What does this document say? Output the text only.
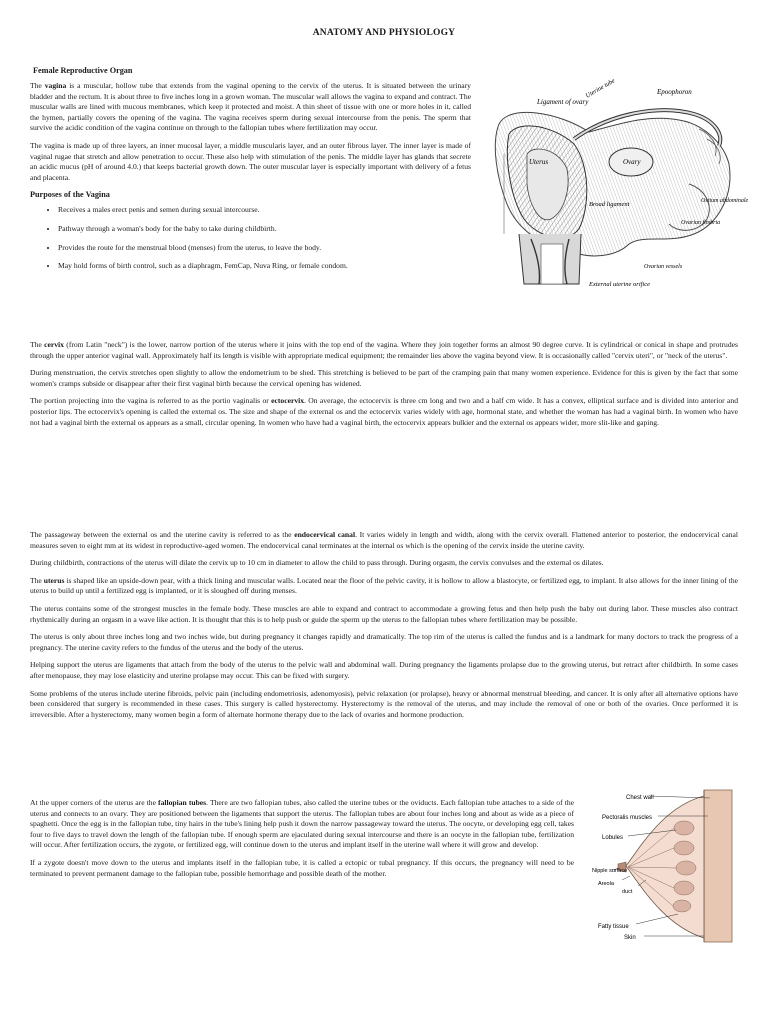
ANATOMY AND PHYSIOLOGY
Female Reproductive Organ

The vagina is a muscular, hollow tube that extends from the vaginal opening to the cervix of the uterus. It is situated between the urinary bladder and the rectum. It is about three to five inches long in a grown woman. The muscular wall allows the vagina to expand and contract. The muscular walls are lined with mucous membranes, which keep it protected and moist. A thin sheet of tissue with one or more holes in it, called the hymen, partially covers the opening of the vagina. The vagina receives sperm during sexual intercourse from the penis. The sperm that survive the acidic condition of the vagina continue on through to the fallopian tubes where fertilization may occur.

The vagina is made up of three layers, an inner mucosal layer, a middle muscularis layer, and an outer fibrous layer. The inner layer is made of vaginal rugae that stretch and allow penetration to occur. These also help with stimulation of the penis. The middle layer has glands that secrete an acidic mucus (pH of around 4.0.) that keeps bacterial growth down. The outer muscular layer is especially important with delivery of a fetus and placenta.

Purposes of the Vagina
• Receives a males erect penis and semen during sexual intercourse.
• Pathway through a woman's body for the baby to take during childbirth.
• Provides the route for the menstrual blood (menses) from the uterus, to leave the body.
• May hold forms of birth control, such as a diaphragm, FemCap, Nuva Ring, or female condom.
Ligament of ovary
Uterine tube	Epoophoron
Uterus	Ovary
Ostium abdominale
Broad ligament
Ovarian fimbria
Ovarian vessels
External uterine orifice

The cervix (from Latin "neck") is the lower, narrow portion of the uterus where it joins with the top end of the vagina. Where they join together forms an almost 90 degree curve. It is cylindrical or conical in shape and protrudes through the upper anterior vaginal wall. Approximately half its length is visible with appropriate medical equipment; the remainder lies above the vagina beyond view. It is occasionally called "cervix uteri", or "neck of the uterus".

During menstruation, the cervix stretches open slightly to allow the endometrium to be shed. This stretching is believed to be part of the cramping pain that many women experience. Evidence for this is given by the fact that some women's cramps subside or disappear after their first vaginal birth because the cervical opening has widened.

The portion projecting into the vagina is referred to as the portio vaginalis or ectocervix. On average, the ectocervix is three cm long and two and a half cm wide. It has a convex, elliptical surface and is divided into anterior and posterior lips. The ectocervix's opening is called the external os. The size and shape of the external os and the ectocervix varies widely with age, hormonal state, and whether the woman has had a vaginal birth. In women who have not had a vaginal birth the external os appears as a small, circular opening. In women who have had a vaginal birth, the ectocervix appears bulkier and the external os appears wider, more slit-like and gaping.

The passageway between the external os and the uterine cavity is referred to as the endocervical canal. It varies widely in length and width, along with the cervix overall. Flattened anterior to posterior, the endocervical canal measures seven to eight mm at its widest in reproductive-aged women. The endocervical canal terminates at the internal os which is the opening of the cervix inside the uterine cavity.

During childbirth, contractions of the uterus will dilate the cervix up to 10 cm in diameter to allow the child to pass through. During orgasm, the cervix convulses and the external os dilates.

The uterus is shaped like an upside-down pear, with a thick lining and muscular walls. Located near the floor of the pelvic cavity, it is hollow to allow a blastocyte, or fertilized egg, to implant. It also allows for the inner lining of the uterus to build up until a fertilized egg is implanted, or it is sloughed off during menses.

The uterus contains some of the strongest muscles in the female body. These muscles are able to expand and contract to accommodate a growing fetus and then help push the baby out during labor. These muscles also contract rhythmically during an orgasm in a wave like action. It is thought that this is to help push or guide the sperm up the uterus to the fallopian tubes where fertilization may be possible.

The uterus is only about three inches long and two inches wide, but during pregnancy it changes rapidly and dramatically. The top rim of the uterus is called the fundus and is a landmark for many doctors to track the progress of a pregnancy. The uterine cavity refers to the fundus of the uterus and the body of the uterus.

Helping support the uterus are ligaments that attach from the body of the uterus to the pelvic wall and abdominal wall. During pregnancy the ligaments prolapse due to the growing uterus, but retract after childbirth. In some cases after menopause, they may lose elasticity and uterine prolapse may occur. This can be fixed with surgery.

Some problems of the uterus include uterine fibroids, pelvic pain (including endometriosis, adenomyosis), pelvic relaxation (or prolapse), heavy or abnormal menstrual bleeding, and cancer. It is only after all alternative options have been considered that surgery is recommended in these cases. This surgery is called hysterectomy. Hysterectomy is the removal of the uterus, and may include the removal of one or both of the ovaries. Once performed it is irreversible. After a hysterectomy, many women begin a form of alternate hormone therapy due to the lack of ovaries and hormone production.

At the upper corners of the uterus are the fallopian tubes. There are two fallopian tubes, also called the uterine tubes or the oviducts. Each fallopian tube attaches to a side of the uterus and connects to an ovary. They are positioned between the ligaments that support the uterus. The fallopian tubes are about four inches long and about as wide as a piece of spaghetti. Once the egg is in the fallopian tube, tiny hairs in the tube's lining help push it down the narrow passageway toward the uterus. The oocyte, or developing egg cell, takes four to five days to travel down the length of the fallopian tube. If enough sperm are ejaculated during sexual intercourse and there is an oocyte in the fallopian tube, fertilization will occur. After fertilization occurs, the zygote, or fertilized egg, will continue down to the uterus and implant itself in the uterine wall where it will grow and develop.

If a zygote doesn't move down to the uterus and implants itself in the fallopian tube, it is called a ectopic or tubal pregnancy. If this occurs, the pregnancy will need to be terminated to prevent permanent damage to the fallopian tube, possible hemorrhage and possible death of the mother.

Chest wall
Pectoralis muscles
Lobules
Nipple surface
Areola
duct
Fatty tissue
Skin
